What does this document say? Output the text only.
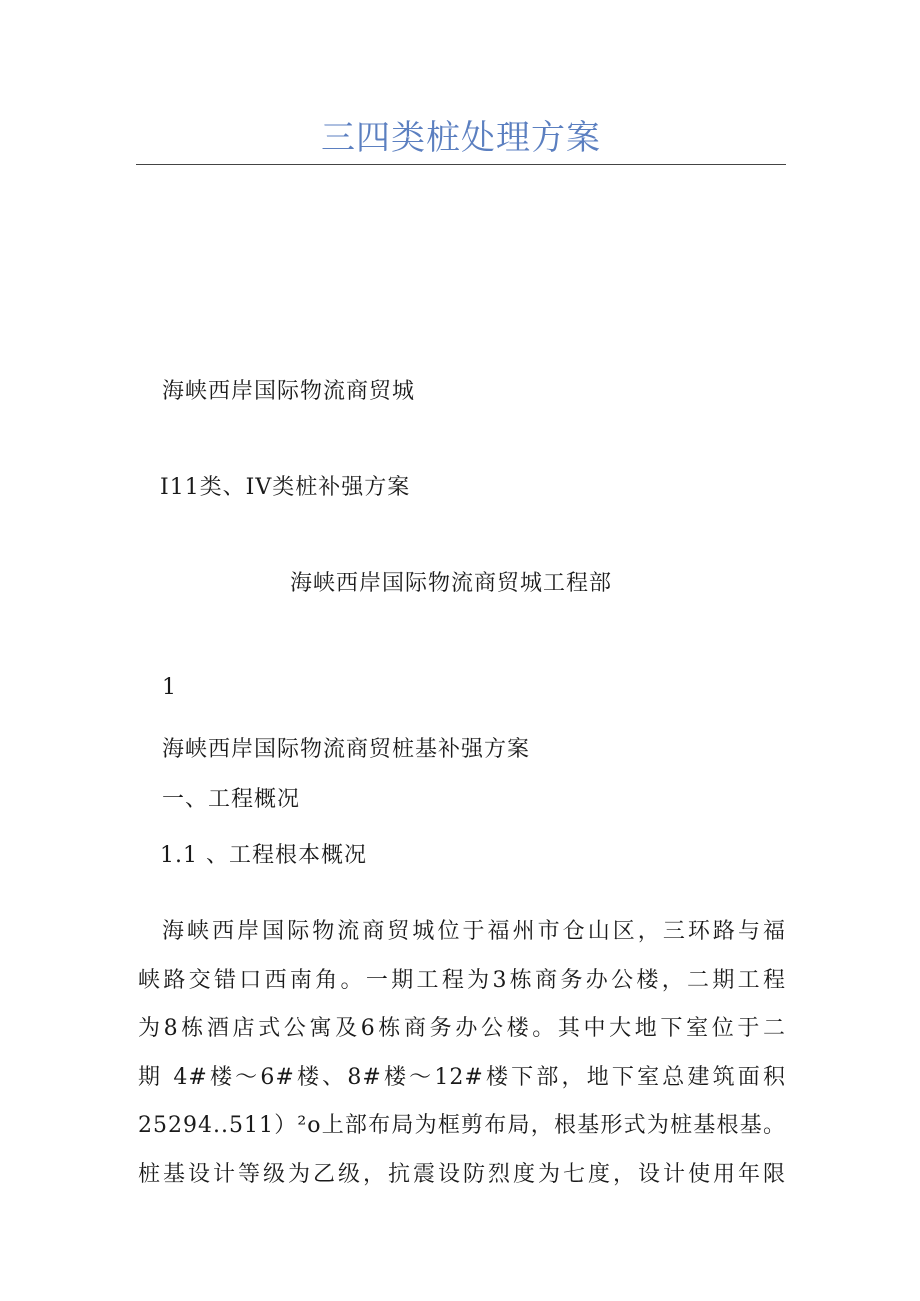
三四类桩处理方案
海峡西岸国际物流商贸城
I11类、IV类桩补强方案
海峡西岸国际物流商贸城工程部
1
海峡西岸国际物流商贸桩基补强方案
一、工程概况
1.1 、工程根本概况
海峡西岸国际物流商贸城位于福州市仓山区，三环路与福
峡路交错口西南角。一期工程为3栋商务办公楼，二期工程
为8栋酒店式公寓及6栋商务办公楼。其中大地下室位于二
期 4#楼～6#楼、8#楼～12#楼下部，地下室总建筑面积
25294..511）²o上部布局为框剪布局，根基形式为桩基根基。
桩基设计等级为乙级，抗震设防烈度为七度，设计使用年限
